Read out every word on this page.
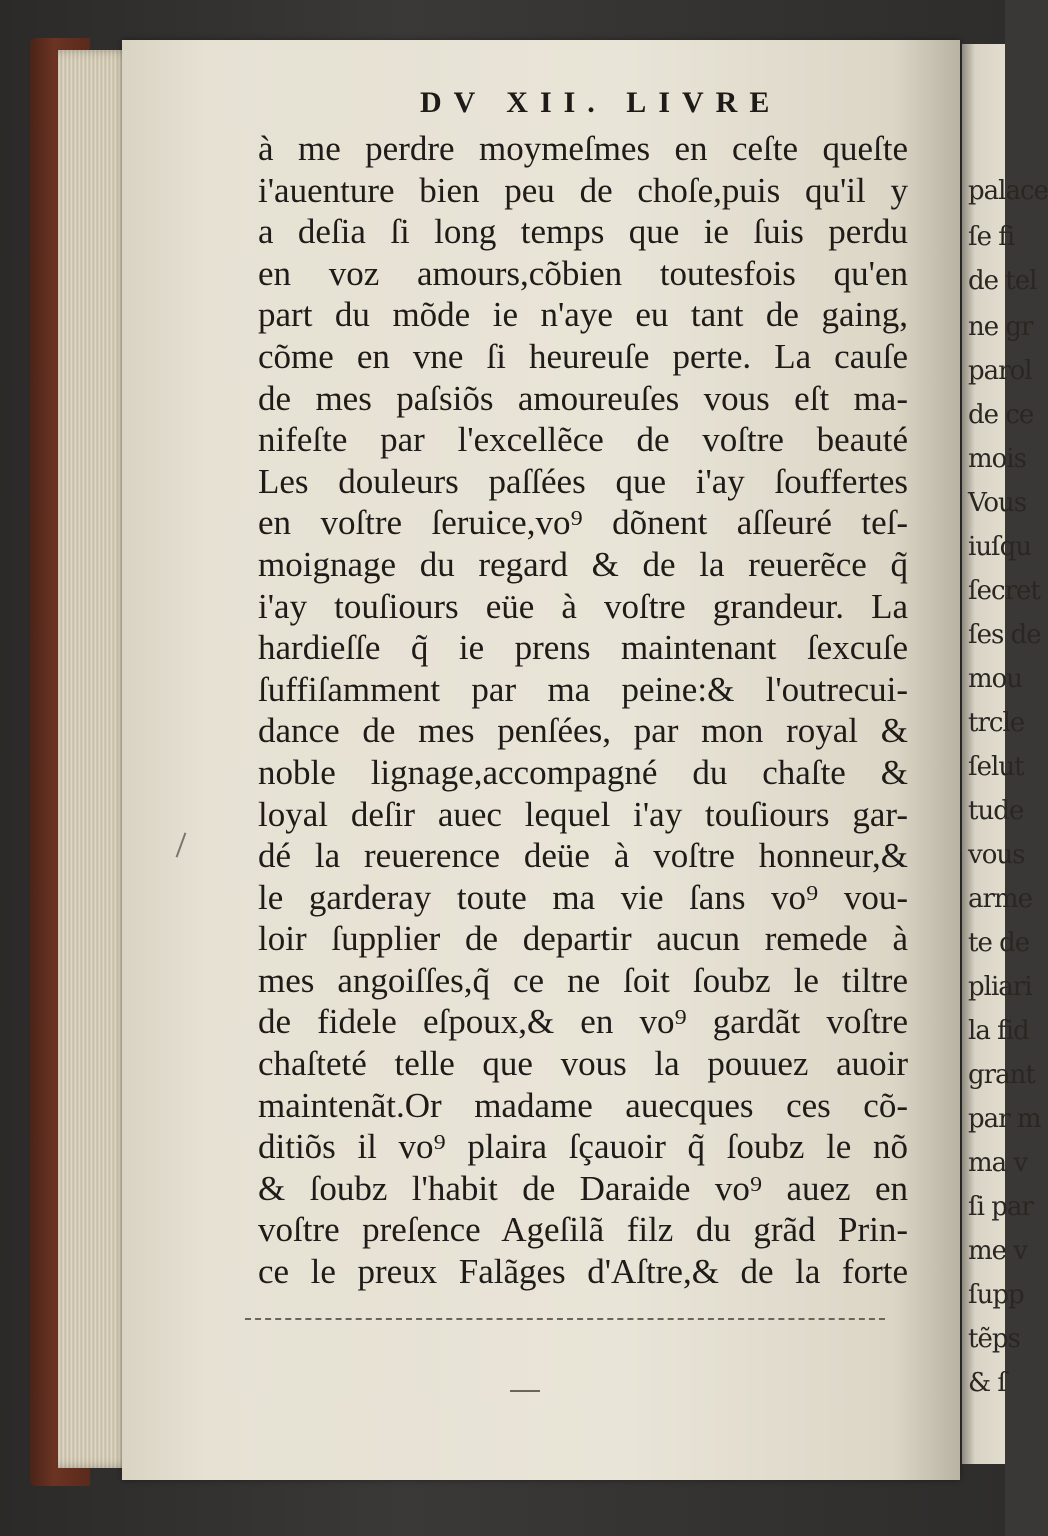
DV XII. LIVRE
à me perdre moymeſmes en ceſte queſte
i'auenture bien peu de choſe,puis qu'il y
a deſia ſi long temps que ie ſuis perdu
en voz amours,cõbien toutesfois qu'en
part du mõde ie n'aye eu tant de gaing,
cõme en vne ſi heureuſe perte. La cauſe
de mes paſsiõs amoureuſes vous eſt ma-
nifeſte par l'excellẽce de voſtre beauté
Les douleurs paſſées que i'ay ſouffertes
en voſtre ſeruice,vo⁹ dõnent aſſeuré teſ-
moignage du regard & de la reuerẽce q̃
i'ay touſiours eüe à voſtre grandeur. La
hardieſſe q̃ ie prens maintenant ſexcuſe
ſuffiſamment par ma peine:& l'outrecui-
dance de mes penſées, par mon royal &
noble lignage,accompagné du chaſte &
loyal deſir auec lequel i'ay touſiours gar-
dé la reuerence deüe à voſtre honneur,&
le garderay toute ma vie ſans vo⁹ vou-
loir ſupplier de departir aucun remede à
mes angoiſſes,q̃ ce ne ſoit ſoubz le tiltre
de fidele eſpoux,& en vo⁹ gardãt voſtre
chaſteté telle que vous la pouuez auoir
maintenãt.Or madame auecques ces cõ-
ditiõs il vo⁹ plaira ſçauoir q̃ ſoubz le nõ
& ſoubz l'habit de Daraide vo⁹ auez en
voſtre preſence Ageſilã filz du grãd Prin-
ce le preux Falãges d'Aſtre,& de la forte
palace
ſe fi
de tel
ne gr
parol
de ce
mois
Vous
iuſqu
ſecret
ſes de
mou
trcle
ſelut
tude
vous
arme
te de
pliari
la fid
grant
par m
ma v
ſi par
me v
ſupp
tẽps
& ſ
